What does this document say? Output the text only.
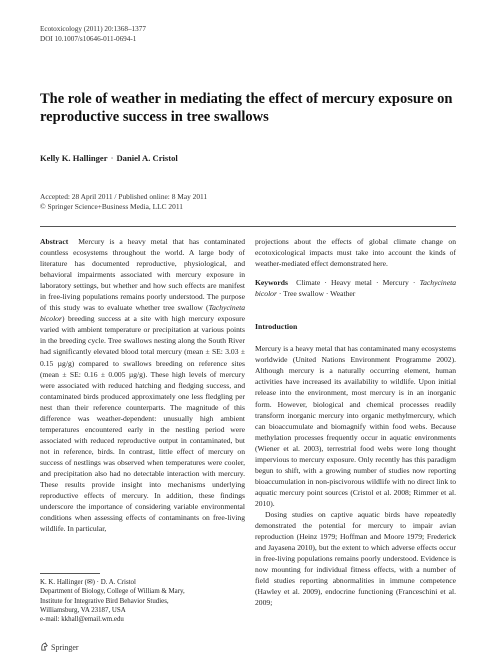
Ecotoxicology (2011) 20:1368–1377
DOI 10.1007/s10646-011-0694-1
The role of weather in mediating the effect of mercury exposure on reproductive success in tree swallows
Kelly K. Hallinger · Daniel A. Cristol
Accepted: 28 April 2011 / Published online: 8 May 2011
© Springer Science+Business Media, LLC 2011

Abstract Mercury is a heavy metal that has contaminated countless ecosystems throughout the world. A large body of literature has documented reproductive, physiological, and behavioral impairments associated with mercury exposure in laboratory settings, but whether and how such effects are manifest in free-living populations remains poorly understood. The purpose of this study was to evaluate whether tree swallow (Tachycineta bicolor) breeding success at a site with high mercury exposure varied with ambient temperature or precipitation at various points in the breeding cycle. Tree swallows nesting along the South River had significantly elevated blood total mercury (mean ± SE: 3.03 ± 0.15 µg/g) compared to swallows breeding on reference sites (mean ± SE: 0.16 ± 0.005 µg/g). These high levels of mercury were associated with reduced hatching and fledging success, and contaminated birds produced approximately one less fledgling per nest than their reference counterparts. The magnitude of this difference was weather-dependent: unusually high ambient temperatures encountered early in the nestling period were associated with reduced reproductive output in contaminated, but not in reference, birds. In contrast, little effect of mercury on success of nestlings was observed when temperatures were cooler, and precipitation also had no detectable interaction with mercury. These results provide insight into mechanisms underlying reproductive effects of mercury. In addition, these findings underscore the importance of considering variable environmental conditions when assessing effects of contaminants on free-living wildlife. In particular,

K. K. Hallinger (✉) · D. A. Cristol
Department of Biology, College of William & Mary,
Institute for Integrative Bird Behavior Studies,
Williamsburg, VA 23187, USA
e-mail: kkhall@email.wm.edu

projections about the effects of global climate change on ecotoxicological impacts must take into account the kinds of weather-mediated effect demonstrated here.

Keywords Climate · Heavy metal · Mercury · Tachycineta bicolor · Tree swallow · Weather

Introduction

Mercury is a heavy metal that has contaminated many ecosystems worldwide (United Nations Environment Programme 2002). Although mercury is a naturally occurring element, human activities have increased its availability to wildlife. Upon initial release into the environment, most mercury is in an inorganic form. However, biological and chemical processes readily transform inorganic mercury into organic methylmercury, which can bioaccumulate and biomagnify within food webs. Because methylation processes frequently occur in aquatic environments (Wiener et al. 2003), terrestrial food webs were long thought impervious to mercury exposure. Only recently has this paradigm begun to shift, with a growing number of studies now reporting bioaccumulation in non-piscivorous wildlife with no direct link to aquatic mercury point sources (Cristol et al. 2008; Rimmer et al. 2010).

Dosing studies on captive aquatic birds have repeatedly demonstrated the potential for mercury to impair avian reproduction (Heinz 1979; Hoffman and Moore 1979; Frederick and Jayasena 2010), but the extent to which adverse effects occur in free-living populations remains poorly understood. Evidence is now mounting for individual fitness effects, with a number of field studies reporting abnormalities in immune competence (Hawley et al. 2009), endocrine functioning (Franceschini et al. 2009;

Springer
